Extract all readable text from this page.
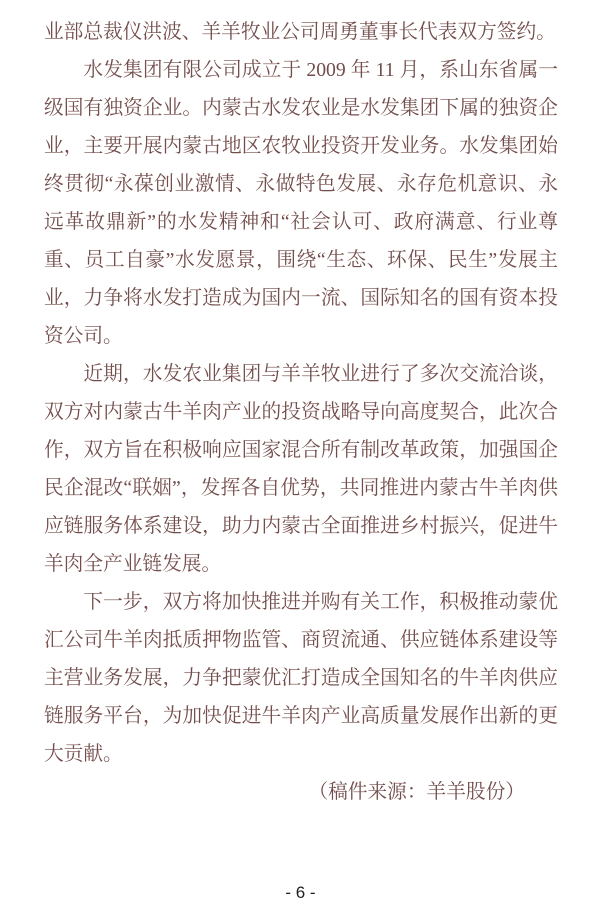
业部总裁仪洪波、羊羊牧业公司周勇董事长代表双方签约。

水发集团有限公司成立于 2009 年 11 月，系山东省属一级国有独资企业。内蒙古水发农业是水发集团下属的独资企业，主要开展内蒙古地区农牧业投资开发业务。水发集团始终贯彻“永葆创业激情、永做特色发展、永存危机意识、永远革故鼎新”的水发精神和“社会认可、政府满意、行业尊重、员工自豪”水发愿景，围绕“生态、环保、民生”发展主业，力争将水发打造成为国内一流、国际知名的国有资本投资公司。

近期，水发农业集团与羊羊牧业进行了多次交流洽谈，双方对内蒙古牛羊肉产业的投资战略导向高度契合，此次合作，双方旨在积极响应国家混合所有制改革政策，加强国企民企混改“联姻”，发挥各自优势，共同推进内蒙古牛羊肉供应链服务体系建设，助力内蒙古全面推进乡村振兴，促进牛羊肉全产业链发展。

下一步，双方将加快推进并购有关工作，积极推动蒙优汇公司牛羊肉抵质押物监管、商贸流通、供应链体系建设等主营业务发展，力争把蒙优汇打造成全国知名的牛羊肉供应链服务平台，为加快促进牛羊肉产业高质量发展作出新的更大贡献。

（稿件来源：羊羊股份）

- 6 -
